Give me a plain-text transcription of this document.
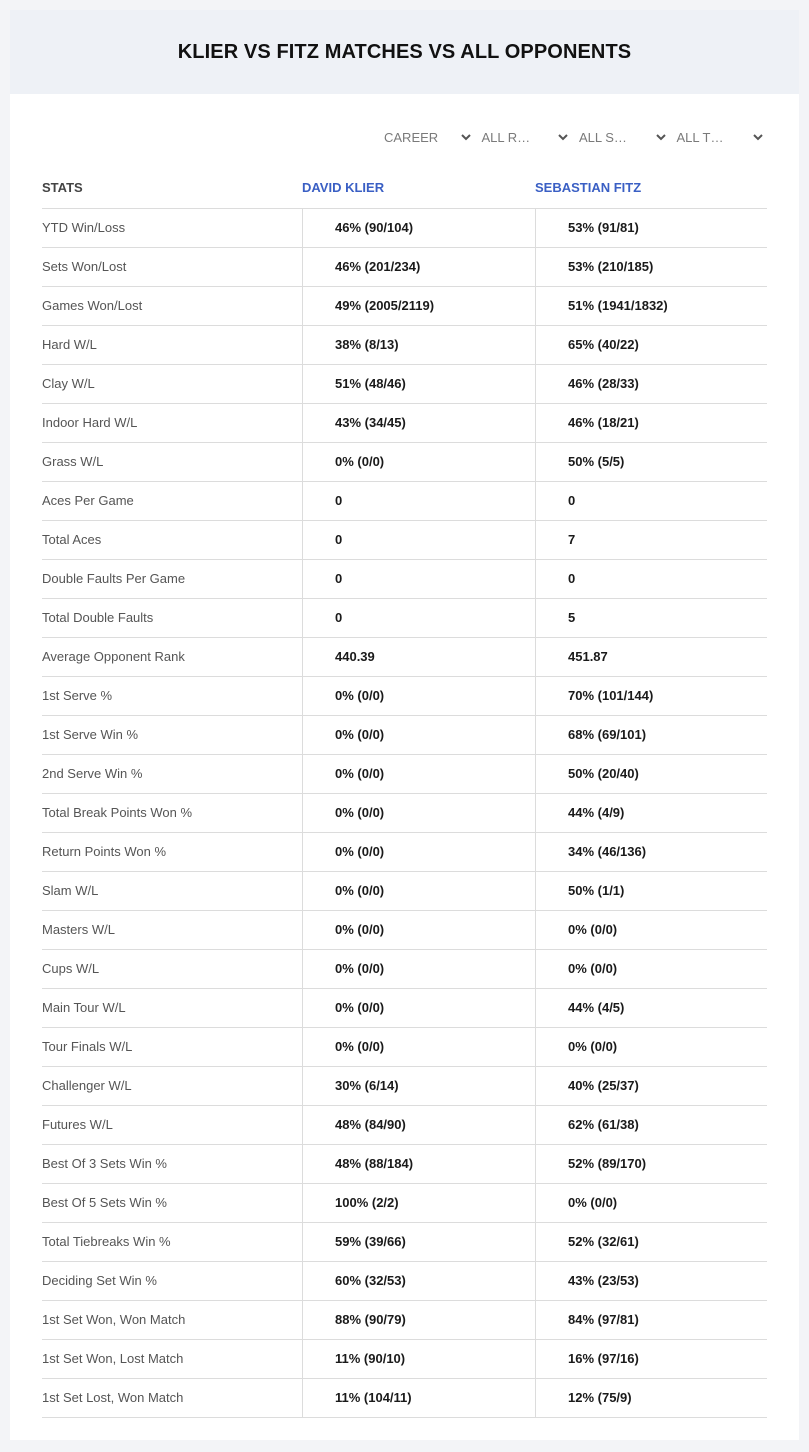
KLIER VS FITZ MATCHES VS ALL OPPONENTS
CAREER	ALL R…	ALL S…	ALL T…
STATS	DAVID KLIER	SEBASTIAN FITZ
YTD Win/Loss	46% (90/104)	53% (91/81)
Sets Won/Lost	46% (201/234)	53% (210/185)
Games Won/Lost	49% (2005/2119)	51% (1941/1832)
Hard W/L	38% (8/13)	65% (40/22)
Clay W/L	51% (48/46)	46% (28/33)
Indoor Hard W/L	43% (34/45)	46% (18/21)
Grass W/L	0% (0/0)	50% (5/5)
Aces Per Game	0	0
Total Aces	0	7
Double Faults Per Game	0	0
Total Double Faults	0	5
Average Opponent Rank	440.39	451.87
1st Serve %	0% (0/0)	70% (101/144)
1st Serve Win %	0% (0/0)	68% (69/101)
2nd Serve Win %	0% (0/0)	50% (20/40)
Total Break Points Won %	0% (0/0)	44% (4/9)
Return Points Won %	0% (0/0)	34% (46/136)
Slam W/L	0% (0/0)	50% (1/1)
Masters W/L	0% (0/0)	0% (0/0)
Cups W/L	0% (0/0)	0% (0/0)
Main Tour W/L	0% (0/0)	44% (4/5)
Tour Finals W/L	0% (0/0)	0% (0/0)
Challenger W/L	30% (6/14)	40% (25/37)
Futures W/L	48% (84/90)	62% (61/38)
Best Of 3 Sets Win %	48% (88/184)	52% (89/170)
Best Of 5 Sets Win %	100% (2/2)	0% (0/0)
Total Tiebreaks Win %	59% (39/66)	52% (32/61)
Deciding Set Win %	60% (32/53)	43% (23/53)
1st Set Won, Won Match	88% (90/79)	84% (97/81)
1st Set Won, Lost Match	11% (90/10)	16% (97/16)
1st Set Lost, Won Match	11% (104/11)	12% (75/9)
